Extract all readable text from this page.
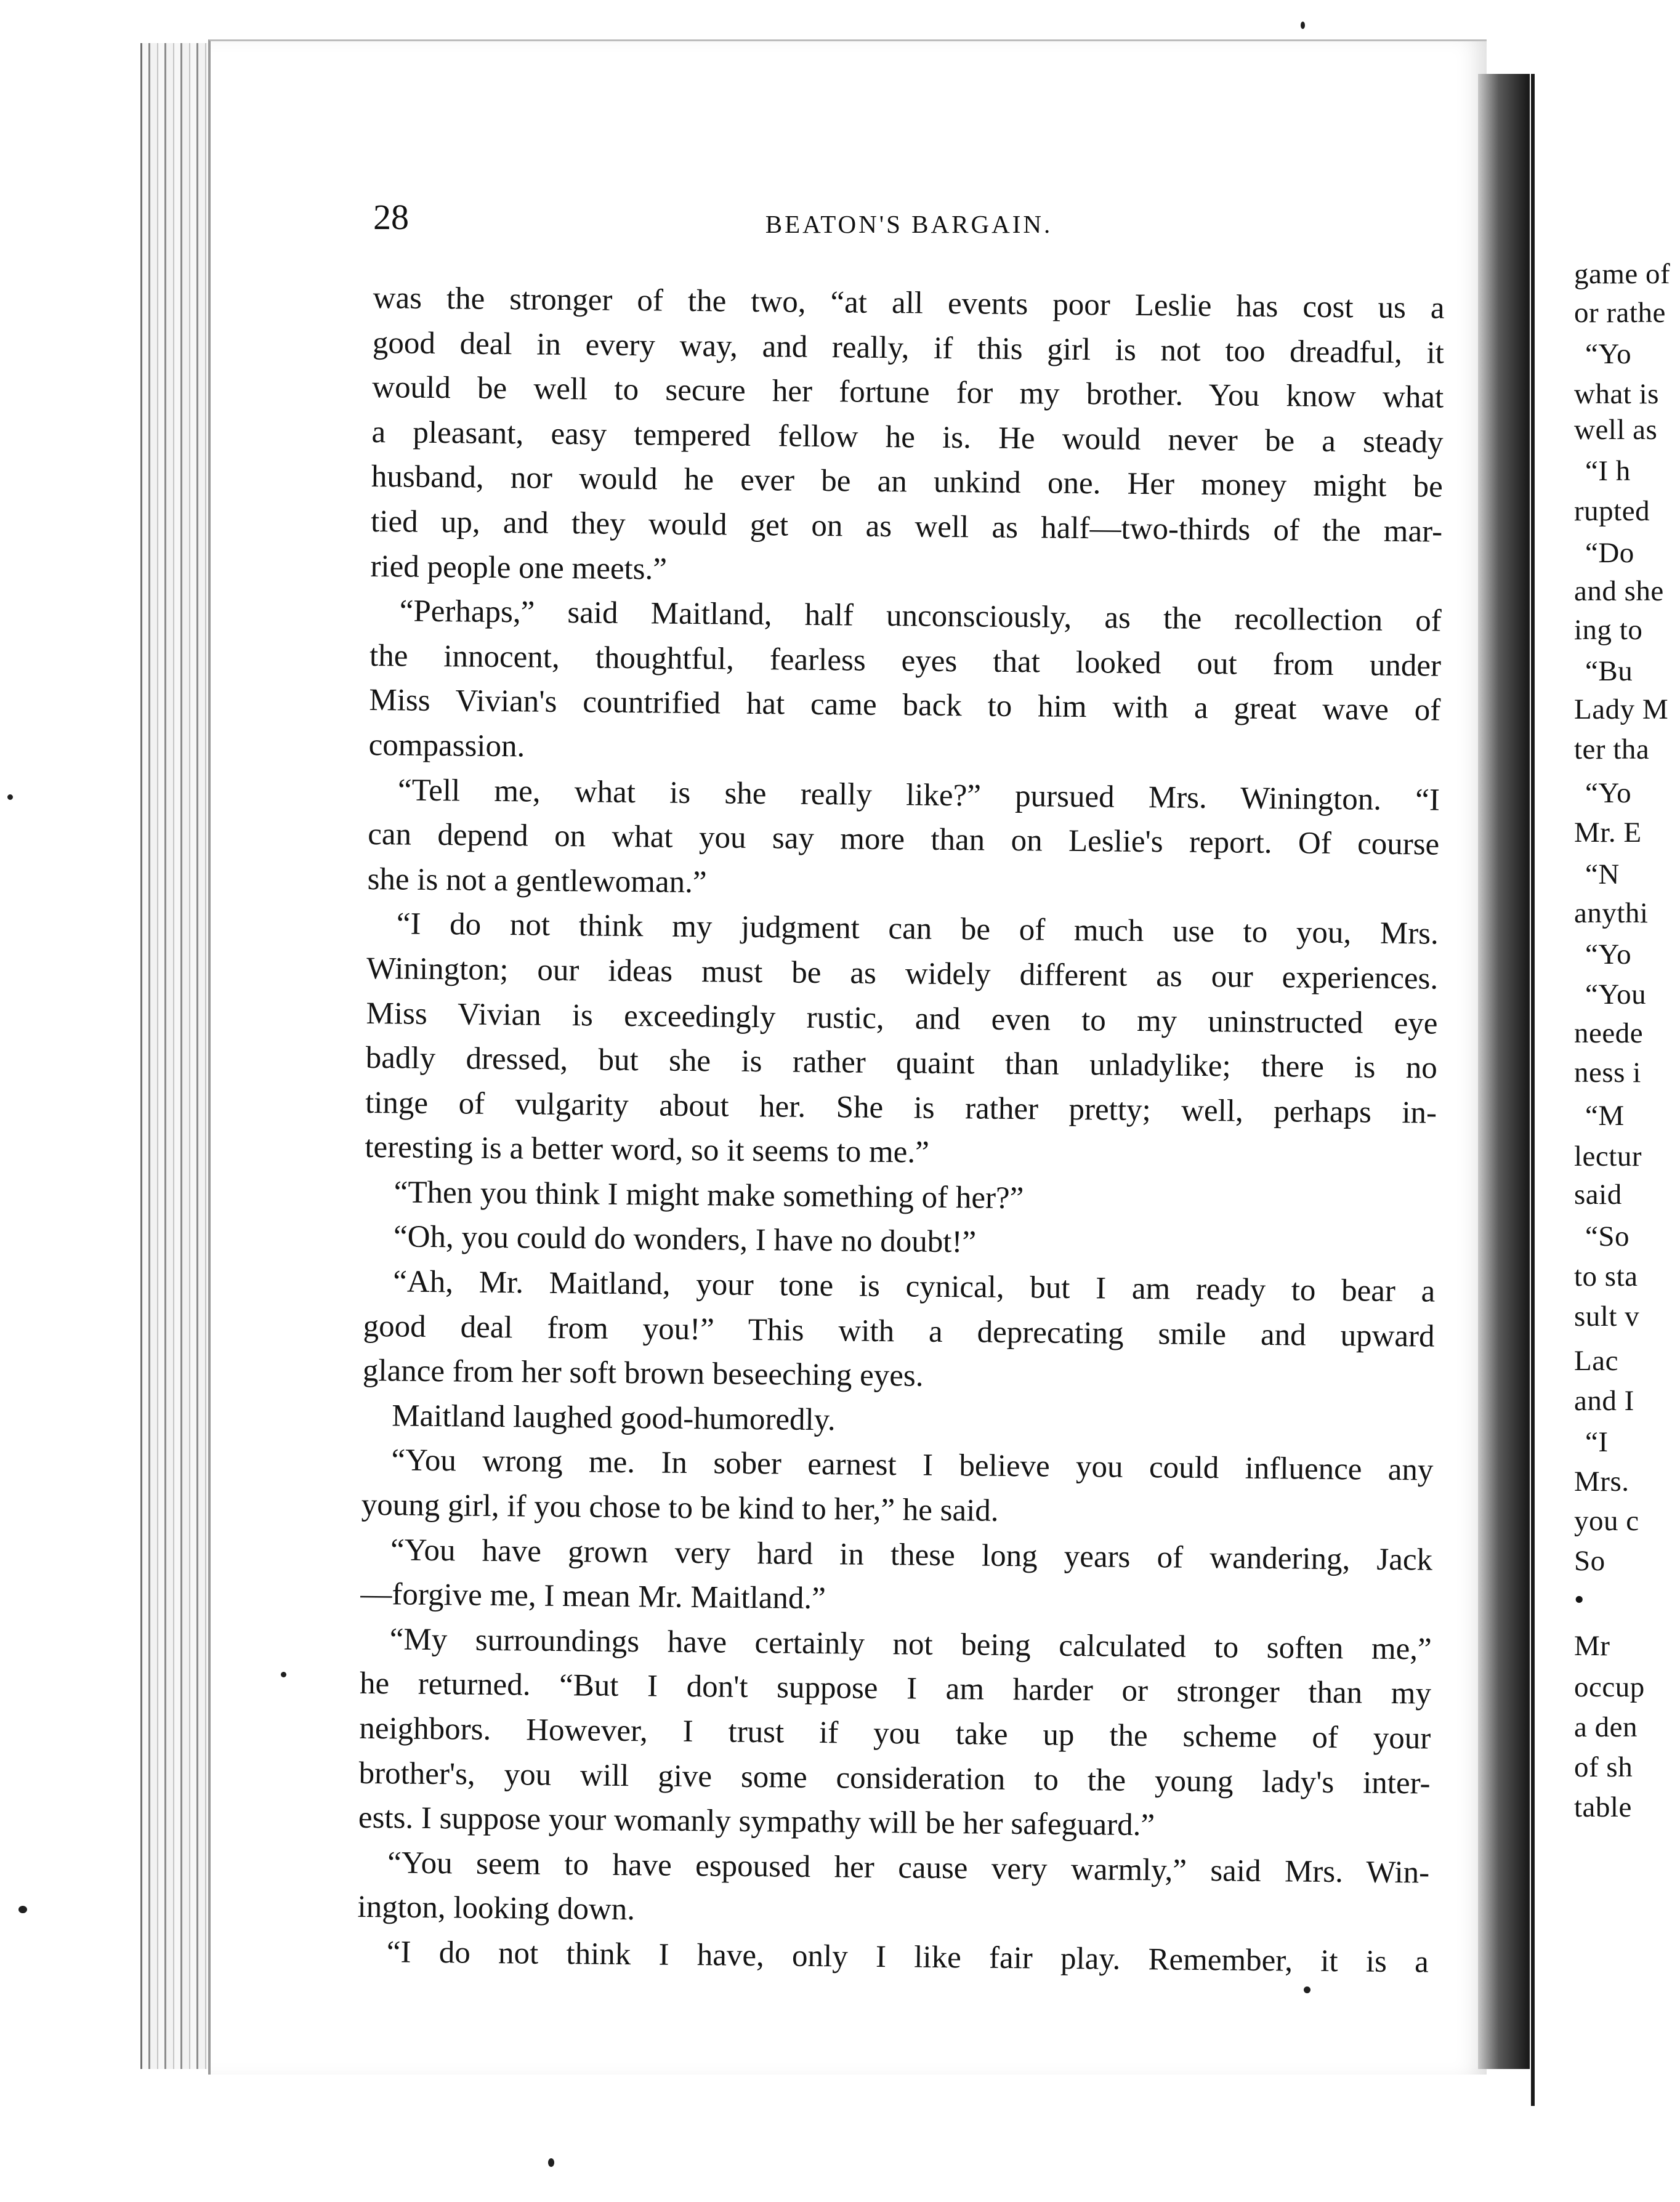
28	BEATON'S BARGAIN.
was the stronger of the two, “at all events poor Leslie has cost us a
good deal in every way, and really, if this girl is not too dreadful, it
would be well to secure her fortune for my brother. You know what
a pleasant, easy tempered fellow he is. He would never be a steady
husband, nor would he ever be an unkind one. Her money might be
tied up, and they would get on as well as half—two-thirds of the mar-
ried people one meets.”
“Perhaps,” said Maitland, half unconsciously, as the recollection of
the innocent, thoughtful, fearless eyes that looked out from under
Miss Vivian's countrified hat came back to him with a great wave of
compassion.
“Tell me, what is she really like?” pursued Mrs. Winington. “I
can depend on what you say more than on Leslie's report. Of course
she is not a gentlewoman.”
“I do not think my judgment can be of much use to you, Mrs.
Winington; our ideas must be as widely different as our experiences.
Miss Vivian is exceedingly rustic, and even to my uninstructed eye
badly dressed, but she is rather quaint than unladylike; there is no
tinge of vulgarity about her. She is rather pretty; well, perhaps in-
teresting is a better word, so it seems to me.”
“Then you think I might make something of her?”
“Oh, you could do wonders, I have no doubt!”
“Ah, Mr. Maitland, your tone is cynical, but I am ready to bear a
good deal from you!” This with a deprecating smile and upward
glance from her soft brown beseeching eyes.
Maitland laughed good-humoredly.
“You wrong me. In sober earnest I believe you could influence any
young girl, if you chose to be kind to her,” he said.
“You have grown very hard in these long years of wandering, Jack
—forgive me, I mean Mr. Maitland.”
“My surroundings have certainly not being calculated to soften me,”
he returned. “But I don't suppose I am harder or stronger than my
neighbors. However, I trust if you take up the scheme of your
brother's, you will give some consideration to the young lady's inter-
ests. I suppose your womanly sympathy will be her safeguard.”
“You seem to have espoused her cause very warmly,” said Mrs. Win-
ington, looking down.
“I do not think I have, only I like fair play. Remember, it is a
game of
or rathe
“Yo
what is
well as
“I h
rupted
“Do
and she
ing to
“Bu
Lady M
ter tha
“Yo
Mr. E
“N
anythi
“Yo
“You
neede
ness i
“M
lectur
said
“So
to sta
sult v
Lac
and I
“I
Mrs.
you c
So
•
Mr
occup
a den
of sh
table
